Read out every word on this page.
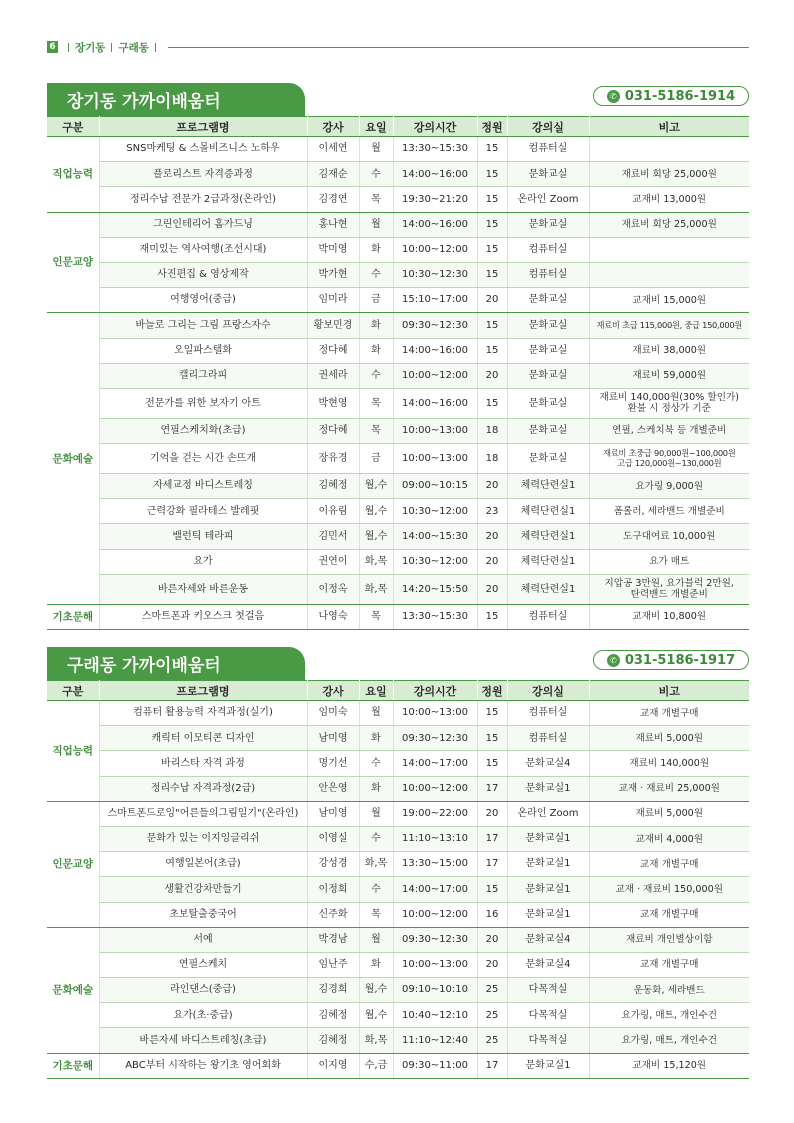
6 장기동 구래동
장기동 가까이배움터	✆ 031-5186-1914
구분	프로그램명	강사	요일	강의시간	정원	강의실	비고
직업능력	SNS마케팅 & 스몰비즈니스 노하우	이세연	월	13:30~15:30	15	컴퓨터실	
	플로리스트 자격증과정	김재순	수	14:00~16:00	15	문화교실	재료비 회당 25,000원
	정리수납 전문가 2급과정(온라인)	김경연	목	19:30~21:20	15	온라인 Zoom	교재비 13,000원
인문교양	그린인테리어 홈가드닝	홍나현	월	14:00~16:00	15	문화교실	재료비 회당 25,000원
	재미있는 역사여행(조선시대)	박미영	화	10:00~12:00	15	컴퓨터실	
	사진편집 & 영상제작	박가현	수	10:30~12:30	15	컴퓨터실	
	여행영어(중급)	임미라	금	15:10~17:00	20	문화교실	교재비 15,000원
문화예술	바늘로 그리는 그림 프랑스자수	황보민경	화	09:30~12:30	15	문화교실	재료비 초급 115,000원, 중급 150,000원
	오일파스텔화	정다혜	화	14:00~16:00	15	문화교실	재료비 38,000원
	캘리그라피	권세라	수	10:00~12:00	20	문화교실	재료비 59,000원
	전문가를 위한 보자기 아트	박현영	목	14:00~16:00	15	문화교실	재료비 140,000원(30% 할인가)
환불 시 정상가 기준
	연필스케치화(초급)	정다혜	목	10:00~13:00	18	문화교실	연필, 스케치북 등 개별준비
	기억을 걷는 시간 손뜨개	장유경	금	10:00~13:00	18	문화교실	재료비 초중급 90,000원~100,000원
고급 120,000원~130,000원
	자세교정 바디스트레칭	김혜정	월,수	09:00~10:15	20	체력단련실1	요가링 9,000원
	근력강화 필라테스 발레핏	이유림	월,수	10:30~12:00	23	체력단련실1	폼롤러, 세라밴드 개별준비
	밸런틱 테라피	김민서	월,수	14:00~15:30	20	체력단련실1	도구대여료 10,000원
	요가	권연이	화,목	10:30~12:00	20	체력단련실1	요가 매트
	바른자세와 바른운동	이정옥	화,목	14:20~15:50	20	체력단련실1	지압공 3만원, 요가블럭 2만원,
탄력밴드 개별준비
기초문해	스마트폰과 키오스크 첫걸음	나영숙	목	13:30~15:30	15	컴퓨터실	교재비 10,800원
구래동 가까이배움터	✆ 031-5186-1917
구분	프로그램명	강사	요일	강의시간	정원	강의실	비고
직업능력	컴퓨터 활용능력 자격과정(실기)	임미숙	월	10:00~13:00	15	컴퓨터실	교재 개별구매
	캐릭터 이모티콘 디자인	남미영	화	09:30~12:30	15	컴퓨터실	재료비 5,000원
	바리스타 자격 과정	명기선	수	14:00~17:00	15	문화교실4	재료비 140,000원
	정리수납 자격과정(2급)	안은영	화	10:00~12:00	17	문화교실1	교재 · 재료비 25,000원
인문교양	스마트폰드로잉"어른들의그림일기"(온라인)	남미영	월	19:00~22:00	20	온라인 Zoom	재료비 5,000원
	문화가 있는 이지잉글리쉬	이영실	수	11:10~13:10	17	문화교실1	교재비 4,000원
	여행일본어(초급)	강성경	화,목	13:30~15:00	17	문화교실1	교재 개별구매
	생활건강차만들기	이정희	수	14:00~17:00	15	문화교실1	교재 · 재료비 150,000원
	초보탈출중국어	신주화	목	10:00~12:00	16	문화교실1	교재 개별구매
문화예술	서예	박경남	월	09:30~12:30	20	문화교실4	재료비 개인별상이함
	연필스케치	임난주	화	10:00~13:00	20	문화교실4	교재 개별구매
	라인댄스(중급)	김경희	월,수	09:10~10:10	25	다목적실	운동화, 세라밴드
	요가(초·중급)	김혜정	월,수	10:40~12:10	25	다목적실	요가링, 매트, 개인수건
	바른자세 바디스트레칭(초급)	김혜정	화,목	11:10~12:40	25	다목적실	요가링, 매트, 개인수건
기초문해	ABC부터 시작하는 왕기초 영어회화	이지영	수,금	09:30~11:00	17	문화교실1	교재비 15,120원
